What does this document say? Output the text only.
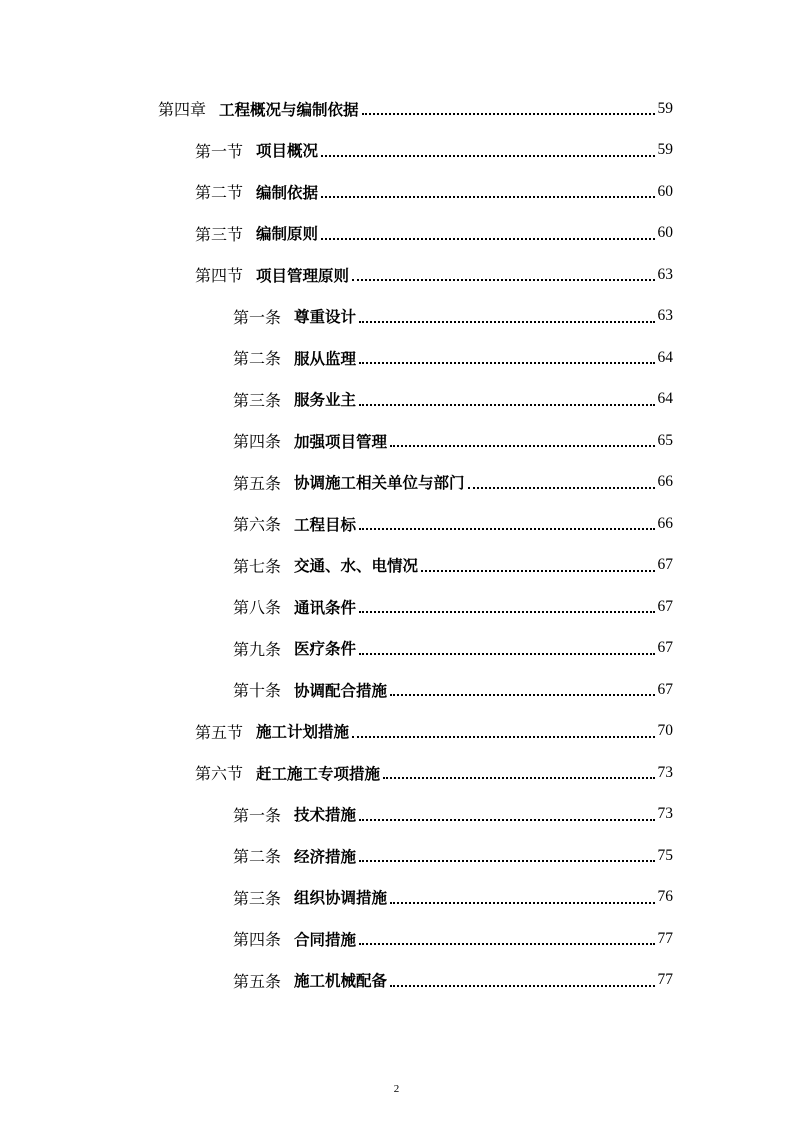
第四章 工程概况与编制依据	59
第一节 项目概况	59
第二节 编制依据	60
第三节 编制原则	60
第四节 项目管理原则	63
第一条 尊重设计	63
第二条 服从监理	64
第三条 服务业主	64
第四条 加强项目管理	65
第五条 协调施工相关单位与部门	66
第六条 工程目标	66
第七条 交通、水、电情况	67
第八条 通讯条件	67
第九条 医疗条件	67
第十条 协调配合措施	67
第五节 施工计划措施	70
第六节 赶工施工专项措施	73
第一条 技术措施	73
第二条 经济措施	75
第三条 组织协调措施	76
第四条 合同措施	77
第五条 施工机械配备	77
2
